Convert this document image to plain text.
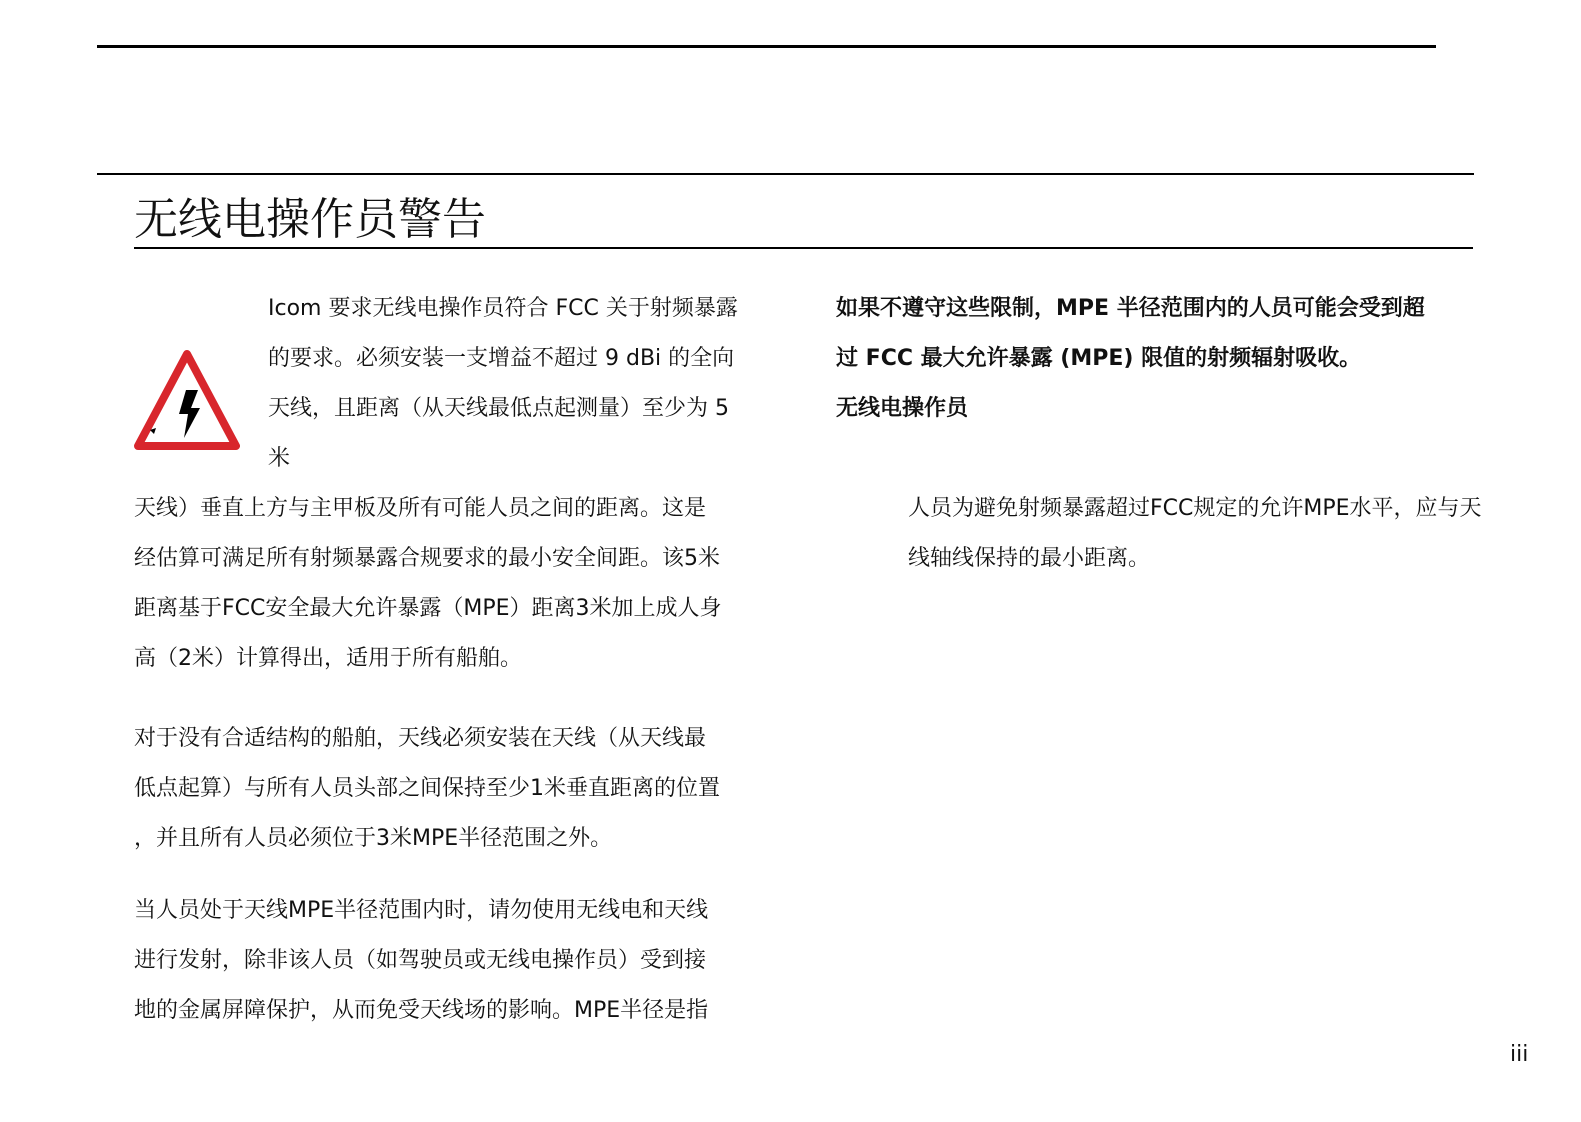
无线电操作员警告

Icom 要求无线电操作员符合 FCC 关于射频暴露

的要求。必须安装一支增益不超过 9 dBi 的全向

天线，且距离（从天线最低点起测量）至少为 5

米

天线）垂直上方与主甲板及所有可能人员之间的距离。这是

经估算可满足所有射频暴露合规要求的最小安全间距。该5米

距离基于FCC安全最大允许暴露（MPE）距离3米加上成人身

高（2米）计算得出，适用于所有船舶。

对于没有合适结构的船舶，天线必须安装在天线（从天线最

低点起算）与所有人员头部之间保持至少1米垂直距离的位置

，并且所有人员必须位于3米MPE半径范围之外。

当人员处于天线MPE半径范围内时，请勿使用无线电和天线

进行发射，除非该人员（如驾驶员或无线电操作员）受到接

地的金属屏障保护，从而免受天线场的影响。MPE半径是指

如果不遵守这些限制，MPE 半径范围内的人员可能会受到超

过 FCC 最大允许暴露 (MPE) 限值的射频辐射吸收。

无线电操作员

人员为避免射频暴露超过FCC规定的允许MPE水平，应与天

线轴线保持的最小距离。

iii
